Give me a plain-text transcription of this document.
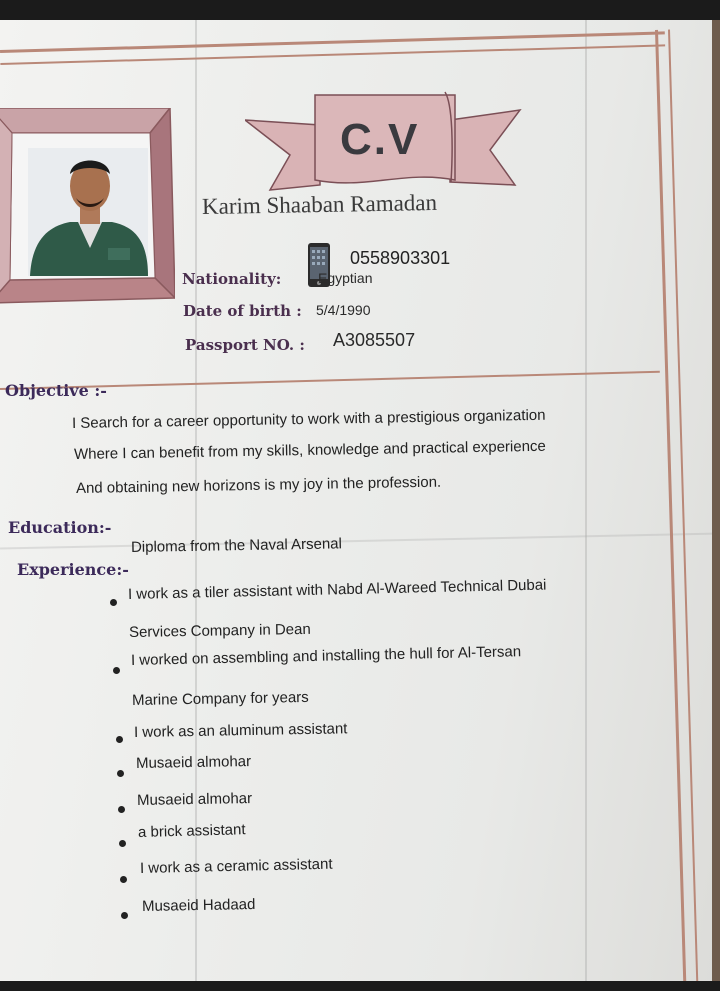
C.V
Karim Shaaban Ramadan
0558903301
Nationality:	Egyptian
Date of birth : 5/4/1990
Passport NO. : A3085507
Objective :-
I Search for a career opportunity to work with a prestigious organization
Where I can benefit from my skills, knowledge and practical experience
And obtaining new horizons is my joy in the profession.
Education:-
Diploma from the Naval Arsenal
Experience:-
I work as a tiler assistant with Nabd Al-Wareed Technical Dubai
Services Company in Dean
I worked on assembling and installing the hull for Al-Tersan
Marine Company for years
I work as an aluminum assistant
Musaeid almohar
Musaeid almohar
a brick assistant
I work as a ceramic assistant
Musaeid Hadaad
